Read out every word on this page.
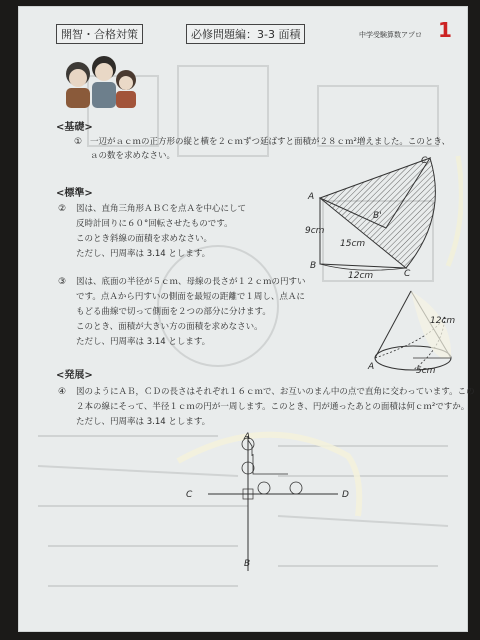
開智・合格対策	必修問題編：3-3 面積	中学受験算数アプロ 1
<基礎>
① 一辺がａｃｍの正方形の縦と横を２ｃｍずつ延ばすと面積が２８ｃｍ²増えました。このとき、
ａの数を求めなさい。
<標準>
② 図は、直角三角形ＡＢＣを点Ａを中心にして
反時計回りに６０°回転させたものです。
このとき斜線の面積を求めなさい。
ただし、円周率は 3.14 とします。
③ 図は、底面の半径が５ｃｍ、母線の長さが１２ｃｍの円すい
です。点Ａから円すいの側面を最短の距離で１周し、点Ａに
もどる曲線で切って側面を２つの部分に分けます。
このとき、面積が大きい方の面積を求めなさい。
ただし、円周率は 3.14 とします。
A
B
C
C
B'
9cm
15cm
12cm
A
12cm
5cm
<発展>
④ 図のようにＡＢ，ＣＤの長さはそれぞれ１６ｃｍで、お互いのまん中の点で直角に交わっています。この
２本の線にそって、半径１ｃｍの円が一周します。このとき、円が通ったあとの面積は何ｃｍ²ですか。
ただし、円周率は 3.14 とします。
A
B
C	D
